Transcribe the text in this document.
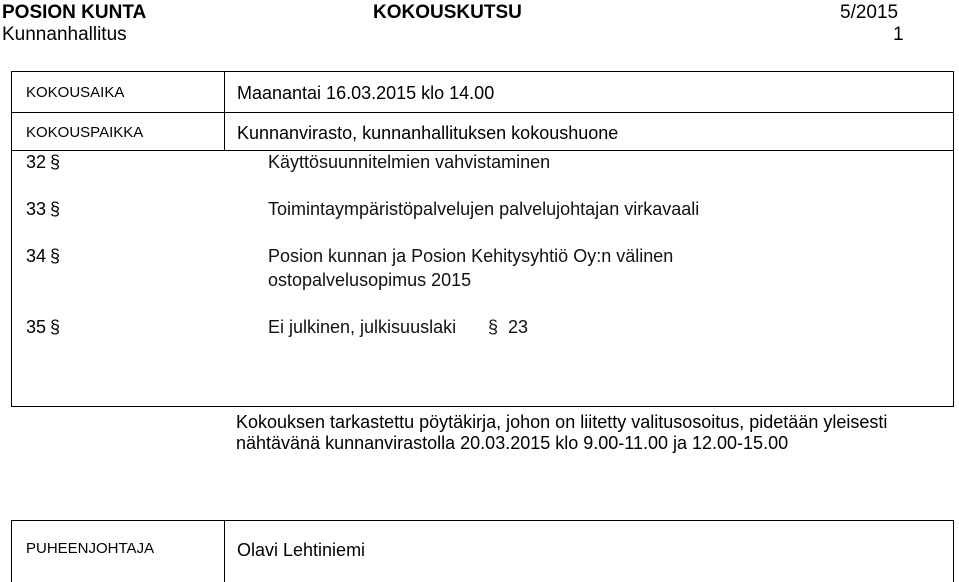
POSION KUNTA	KOKOUSKUTSU	5/2015
Kunnanhallitus	1
KOKOUSAIKA	Maanantai 16.03.2015 klo 14.00
KOKOUSPAIKKA	Kunnanvirasto, kunnanhallituksen kokoushuone
32 §	Käyttösuunnitelmien vahvistaminen
33 §	Toimintaympäristöpalvelujen palvelujohtajan virkavaali
34 §	Posion kunnan ja Posion Kehitysyhtiö Oy:n välinen
ostopalvelusopimus 2015
35 §	Ei julkinen, julkisuuslaki § 23
Kokouksen tarkastettu pöytäkirja, johon on liitetty valitusosoitus, pidetään yleisesti nähtävänä kunnanvirastolla 20.03.2015 klo 9.00-11.00 ja 12.00-15.00
PUHEENJOHTAJA	Olavi Lehtiniemi
